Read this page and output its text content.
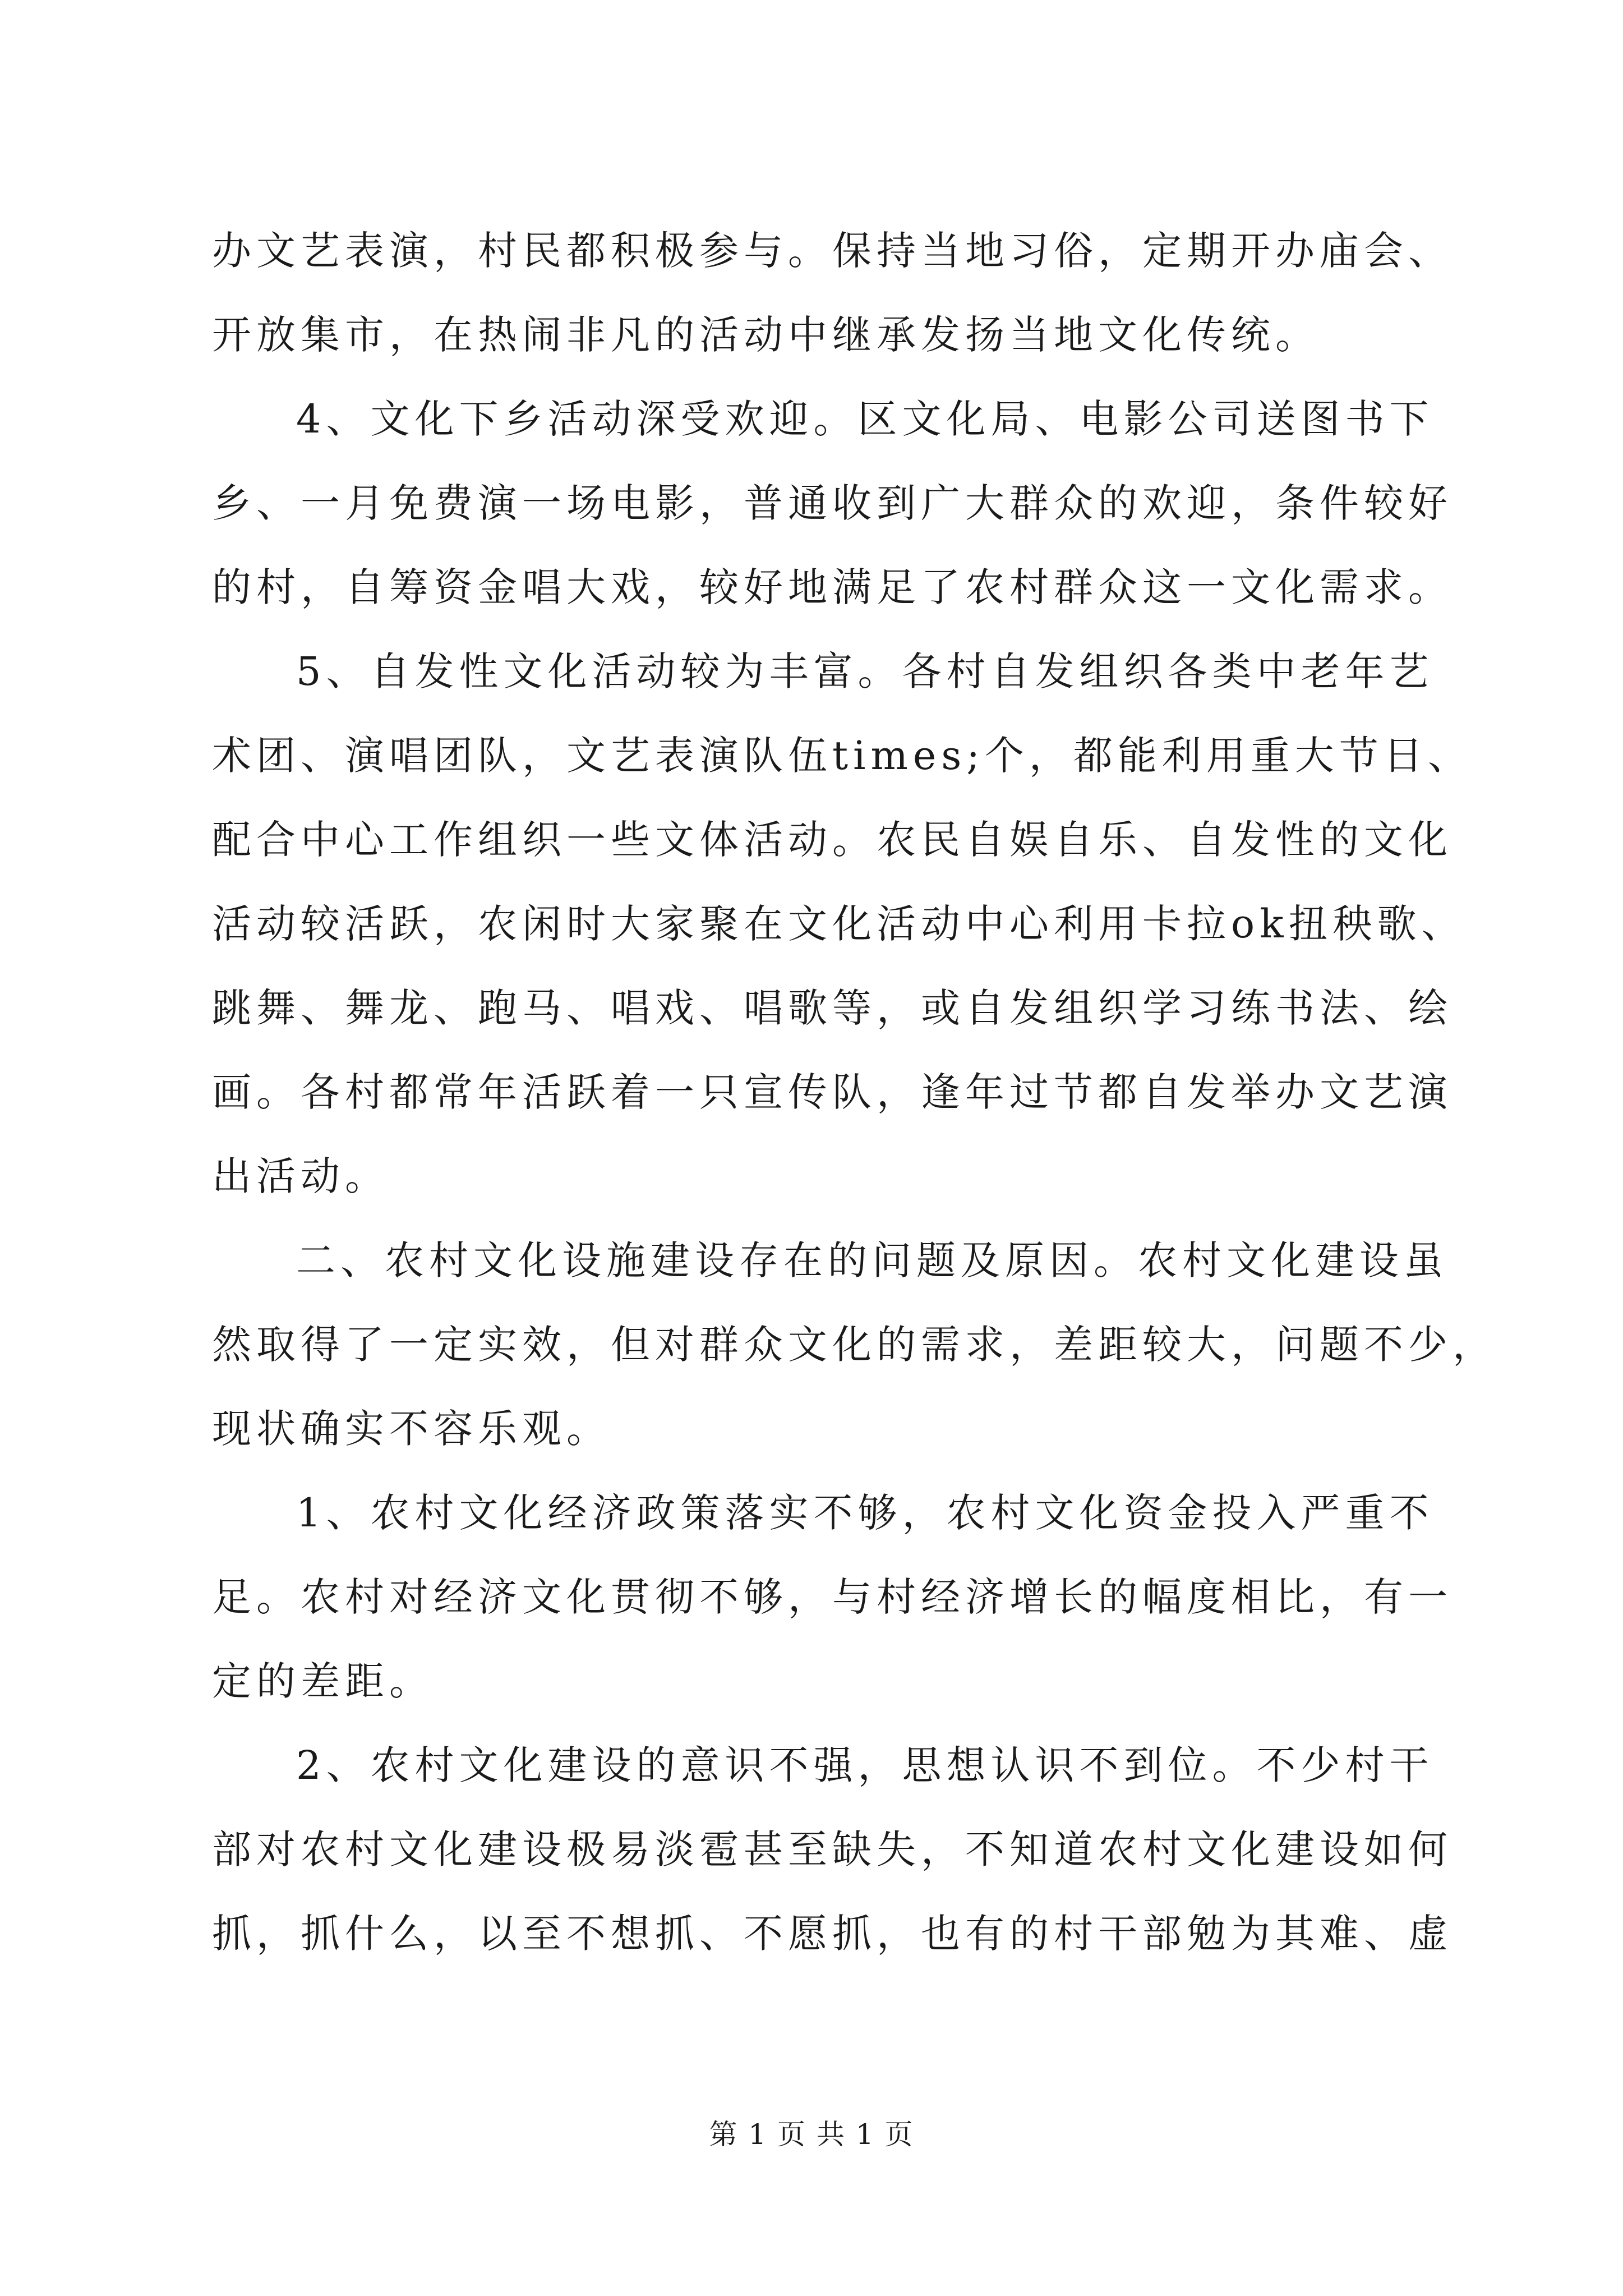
办文艺表演，村民都积极参与。保持当地习俗，定期开办庙会、
开放集市，在热闹非凡的活动中继承发扬当地文化传统。
4、文化下乡活动深受欢迎。区文化局、电影公司送图书下
乡、一月免费演一场电影，普通收到广大群众的欢迎，条件较好
的村，自筹资金唱大戏，较好地满足了农村群众这一文化需求。
5、自发性文化活动较为丰富。各村自发组织各类中老年艺
术团、演唱团队，文艺表演队伍times;个，都能利用重大节日、
配合中心工作组织一些文体活动。农民自娱自乐、自发性的文化
活动较活跃，农闲时大家聚在文化活动中心利用卡拉ok扭秧歌、
跳舞、舞龙、跑马、唱戏、唱歌等，或自发组织学习练书法、绘
画。各村都常年活跃着一只宣传队，逢年过节都自发举办文艺演
出活动。
二、农村文化设施建设存在的问题及原因。农村文化建设虽
然取得了一定实效，但对群众文化的需求，差距较大，问题不少，
现状确实不容乐观。
1、农村文化经济政策落实不够，农村文化资金投入严重不
足。农村对经济文化贯彻不够，与村经济增长的幅度相比，有一
定的差距。
2、农村文化建设的意识不强，思想认识不到位。不少村干
部对农村文化建设极易淡雹甚至缺失，不知道农村文化建设如何
抓，抓什么，以至不想抓、不愿抓，也有的村干部勉为其难、虚
第 1 页 共 1 页
